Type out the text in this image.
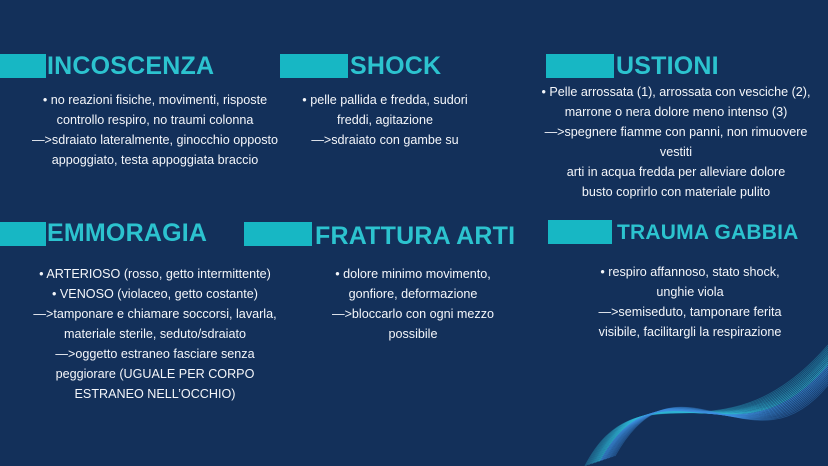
INCOSCENZA

• no reazioni fisiche, movimenti, risposte

controllo respiro, no traumi colonna

—>sdraiato lateralmente, ginocchio opposto

appoggiato, testa appoggiata braccio

SHOCK

• pelle pallida e fredda, sudori

freddi, agitazione

—>sdraiato con gambe su

USTIONI

• Pelle arrossata (1), arrossata con vesciche (2),

marrone o nera dolore meno intenso (3)

—>spegnere fiamme con panni, non rimuovere

vestiti

arti in acqua fredda per alleviare dolore

busto coprirlo con materiale pulito

EMMORAGIA

• ARTERIOSO (rosso, getto intermittente)

• VENOSO (violaceo, getto costante)

—>tamponare e chiamare soccorsi, lavarla,

materiale sterile, seduto/sdraiato

—>oggetto estraneo fasciare senza

peggiorare (UGUALE PER CORPO

ESTRANEO NELL’OCCHIO)

FRATTURA ARTI

• dolore minimo movimento,

gonfiore, deformazione

—>bloccarlo con ogni mezzo

possibile

TRAUMA GABBIA

• respiro affannoso, stato shock,

unghie viola

—>semiseduto, tamponare ferita

visibile, facilitargli la respirazione
